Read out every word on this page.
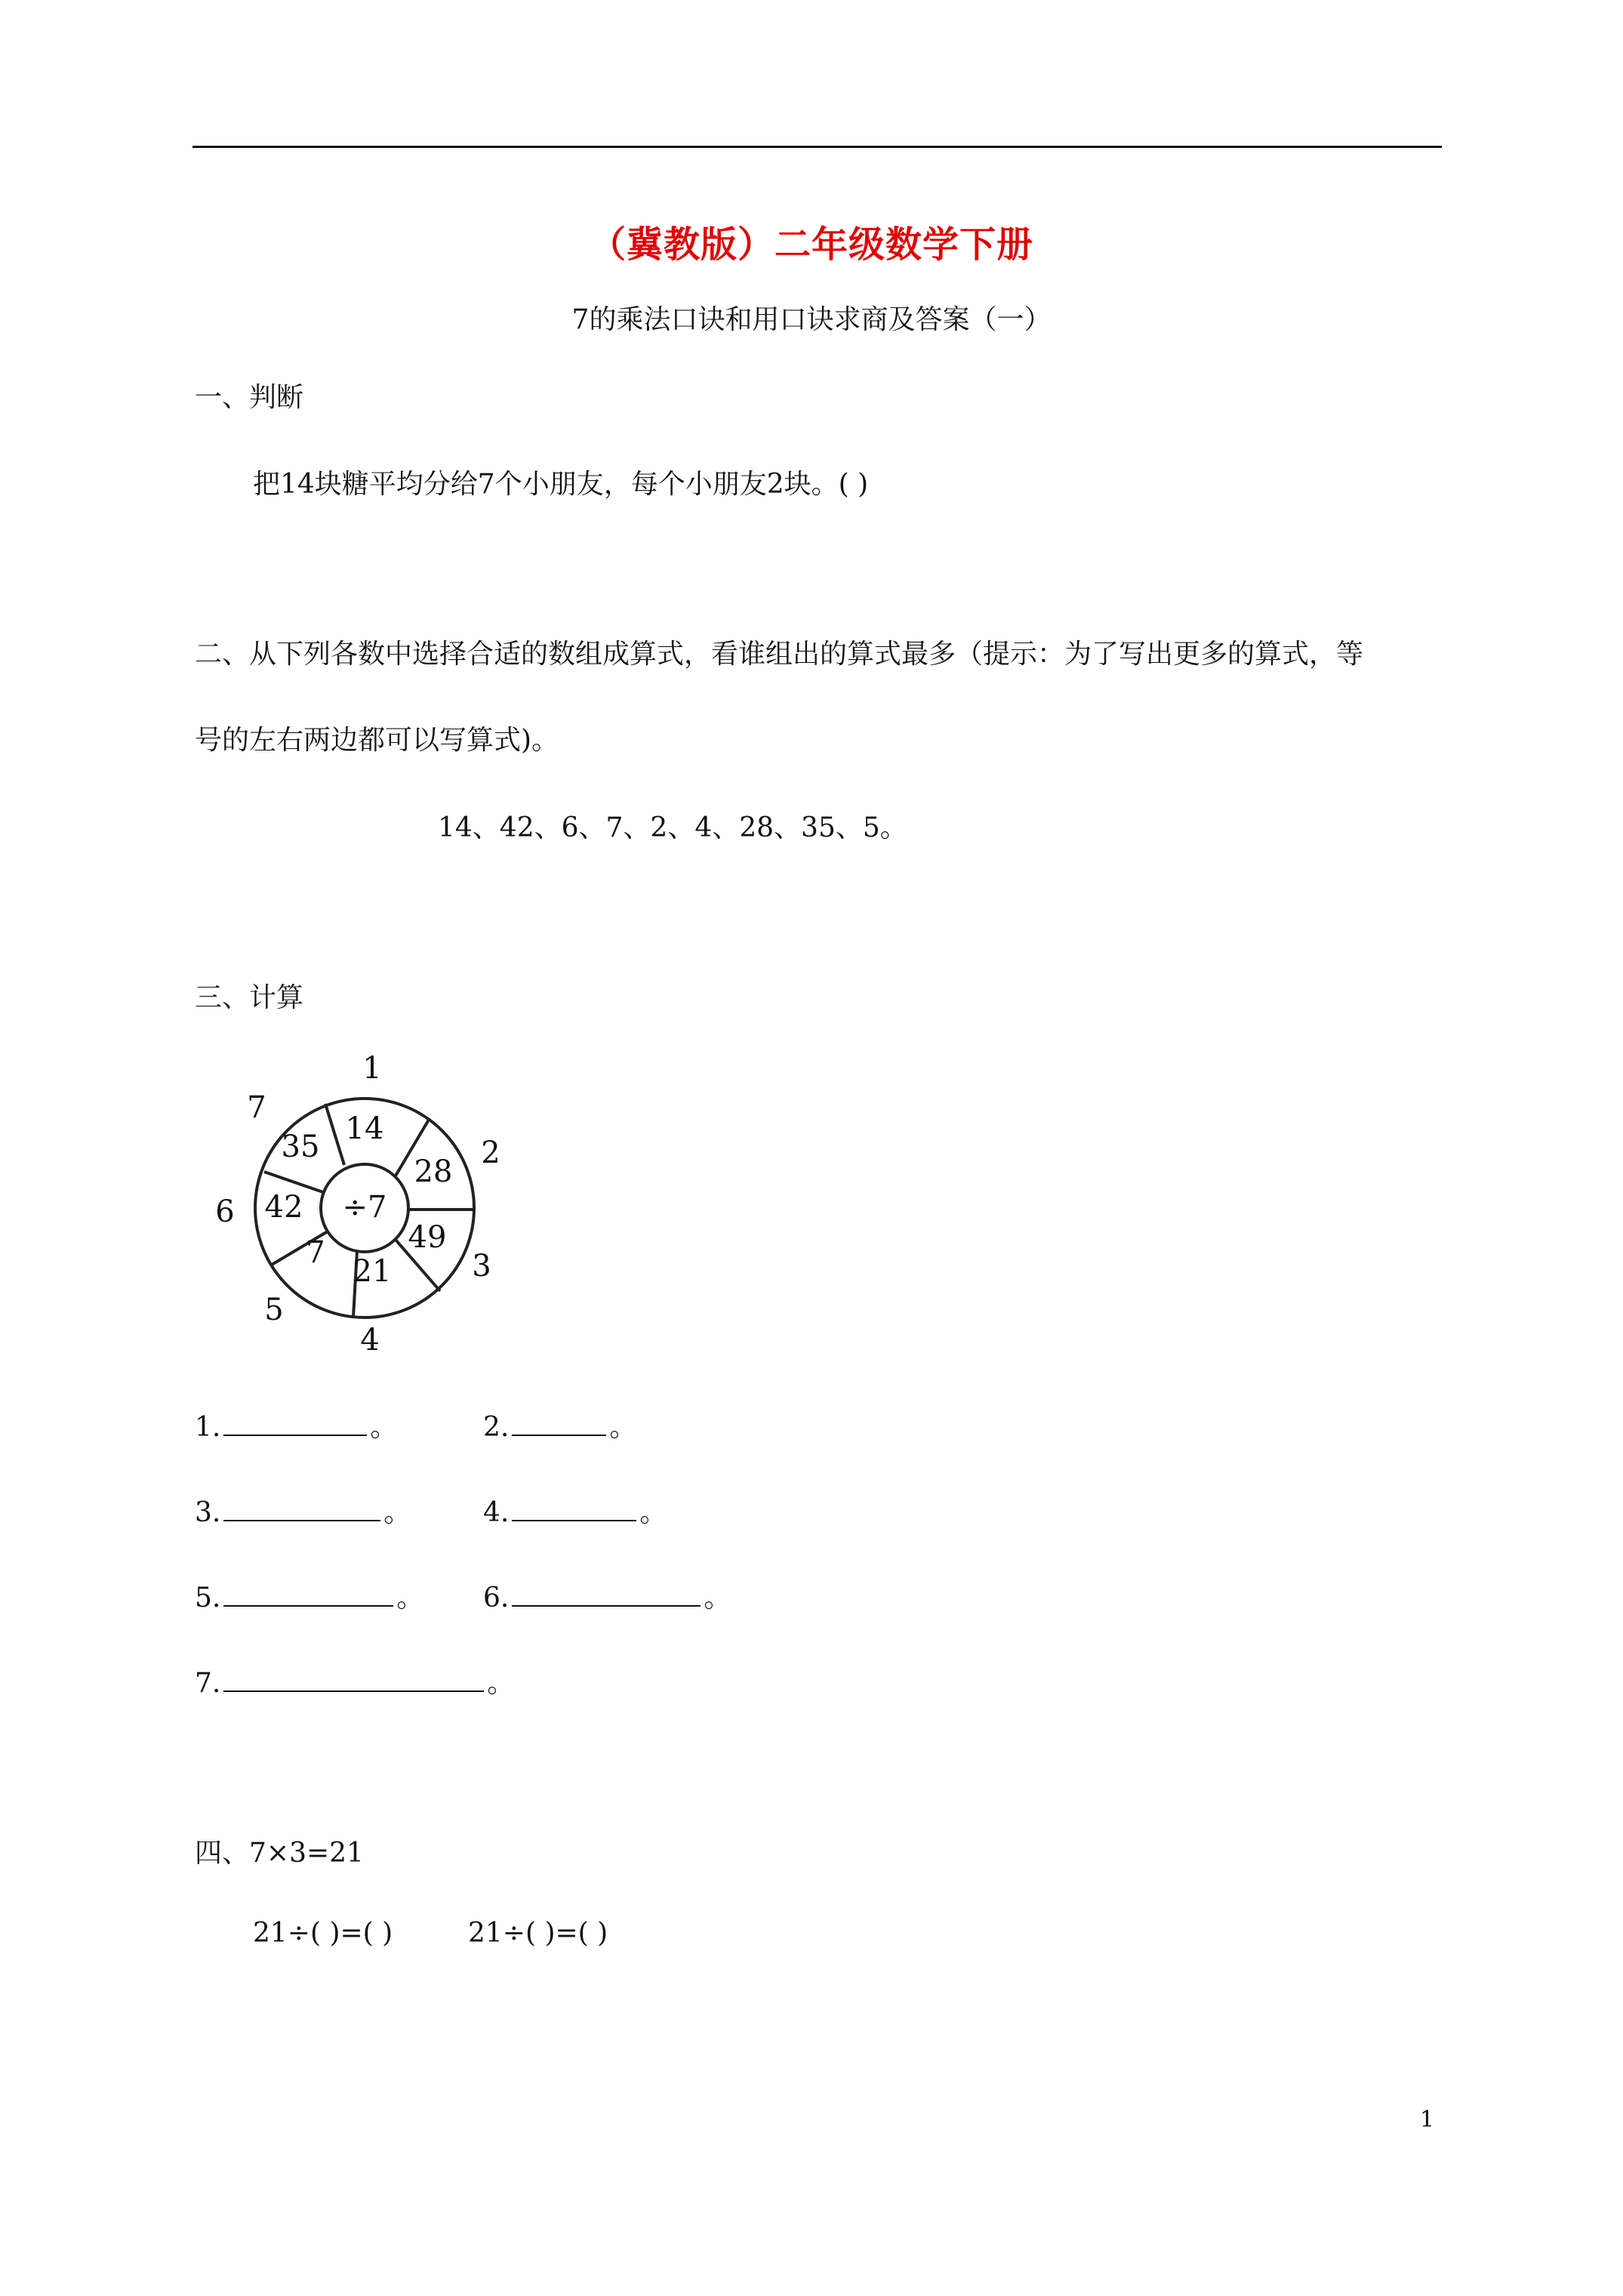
（冀教版）二年级数学下册
7的乘法口诀和用口诀求商及答案（一）
一、判断
把14块糖平均分给7个小朋友，每个小朋友2块。( )
二、从下列各数中选择合适的数组成算式，看谁组出的算式最多（提示：为了写出更多的算式，等
号的左右两边都可以写算式)。
14、42、6、7、2、4、28、35、5。
三、计算
14
28
49
21
7
42
35
÷7
1
2
3
4
5
6
7
1.	。	2.	。
3.	。	4.	。
5.	。 6.	。
7.	。
四、7×3=21
21÷( )=( )	21÷( )=( )
1
